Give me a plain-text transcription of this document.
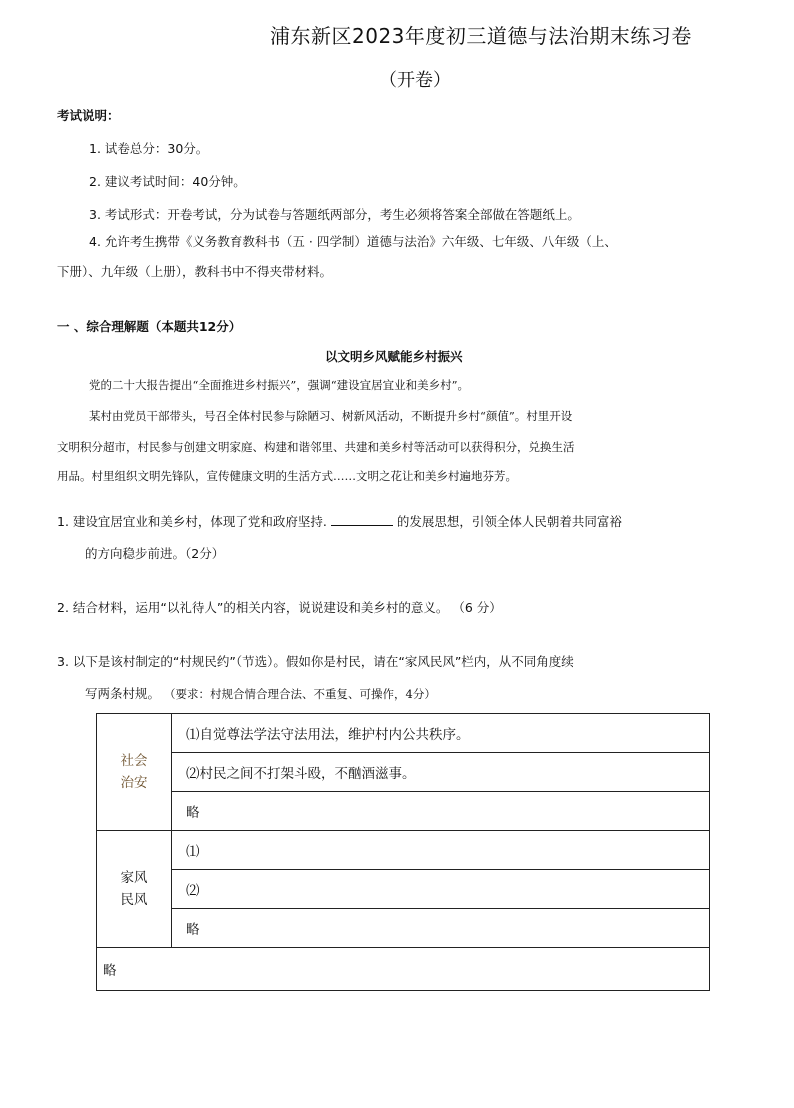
浦东新区2023年度初三道德与法治期末练习卷
（开卷）
考试说明：
1. 试卷总分：30分。
2. 建议考试时间：40分钟。
3. 考试形式：开卷考试，分为试卷与答题纸两部分，考生必须将答案全部做在答题纸上。
4. 允许考生携带《义务教育教科书（五 · 四学制）道德与法治》六年级、七年级、八年级（上、
下册）、九年级（上册），教科书中不得夹带材料。
一 、综合理解题（本题共12分）
以文明乡风赋能乡村振兴
党的二十大报告提出“全面推进乡村振兴”，强调“建设宜居宜业和美乡村”。
某村由党员干部带头，号召全体村民参与除陋习、树新风活动，不断提升乡村“颜值”。村里开设
文明积分超市，村民参与创建文明家庭、构建和谐邻里、共建和美乡村等活动可以获得积分，兑换生活
用品。村里组织文明先锋队，宣传健康文明的生活方式……文明之花让和美乡村遍地芬芳。
1. 建设宜居宜业和美乡村，体现了党和政府坚持.	的发展思想，引领全体人民朝着共同富裕
的方向稳步前进。（2分）
2. 结合材料，运用“以礼待人”的相关内容，说说建设和美乡村的意义。 （6 分）
3. 以下是该村制定的“村规民约”（节选）。假如你是村民，请在“家风民风”栏内，从不同角度续
写两条村规。 （要求：村规合情合理合法、不重复、可操作，4分）
社会
治安	⑴自觉尊法学法守法用法，维护村内公共秩序。
	⑵村民之间不打架斗殴，不酗酒滋事。
	略
家风
民风	⑴
	⑵
	略
略	
